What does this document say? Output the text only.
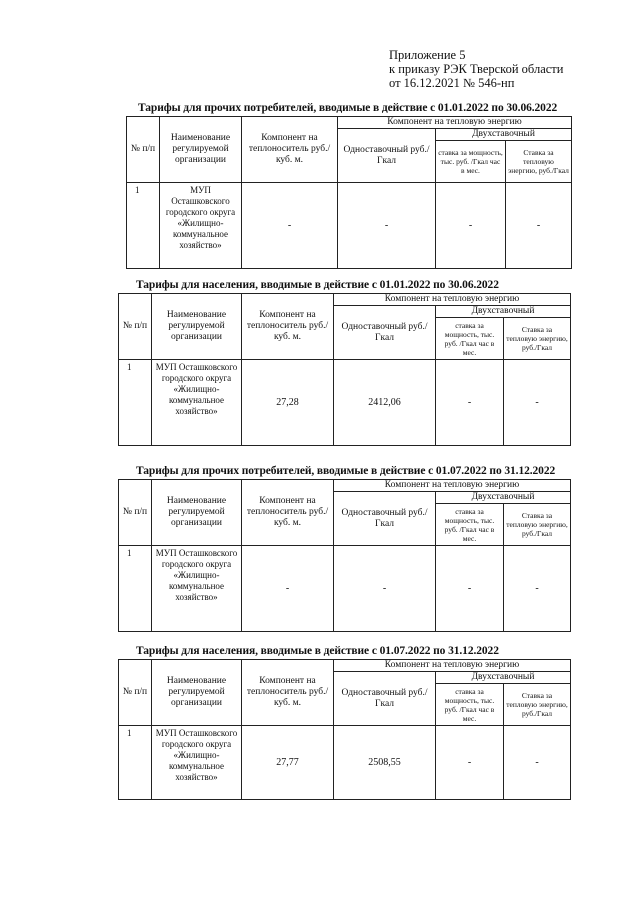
Приложение 5
к приказу РЭК Тверской области
от 16.12.2021 № 546-нп
Тарифы для прочих потребителей, вводимые в действие с 01.01.2022 по 30.06.2022
№ п/п	Наименование регулируемой организации	Компонент на теплоноситель руб./куб. м.	Компонент на тепловую энергию		
			Одноставочный руб./Гкал	Двухставочный	
				ставка за мощность, тыс. руб. /Гкал час в мес.	Ставка за тепловую энергию, руб./Гкал
1	МУП Осташковского городского округа «Жилищно-коммунальное хозяйство»	-	-	-	-
Тарифы для населения, вводимые в действие с 01.01.2022 по 30.06.2022
№ п/п	Наименование регулируемой организации	Компонент на теплоноситель руб./куб. м.	Компонент на тепловую энергию		
			Одноставочный руб./Гкал	Двухставочный	
				ставка за мощность, тыс. руб. /Гкал час в мес.	Ставка за тепловую энергию, руб./Гкал
1	МУП Осташковского городского округа «Жилищно-коммунальное хозяйство»	27,28	2412,06	-	-
Тарифы для прочих потребителей, вводимые в действие с 01.07.2022 по 31.12.2022
№ п/п	Наименование регулируемой организации	Компонент на теплоноситель руб./куб. м.	Компонент на тепловую энергию		
			Одноставочный руб./Гкал	Двухставочный	
				ставка за мощность, тыс. руб. /Гкал час в мес.	Ставка за тепловую энергию, руб./Гкал
1	МУП Осташковского городского округа «Жилищно-коммунальное хозяйство»	-	-	-	-
Тарифы для населения, вводимые в действие с 01.07.2022 по 31.12.2022
№ п/п	Наименование регулируемой организации	Компонент на теплоноситель руб./куб. м.	Компонент на тепловую энергию		
			Одноставочный руб./Гкал	Двухставочный	
				ставка за мощность, тыс. руб. /Гкал час в мес.	Ставка за тепловую энергию, руб./Гкал
1	МУП Осташковского городского округа «Жилищно-коммунальное хозяйство»	27,77	2508,55	-	-
